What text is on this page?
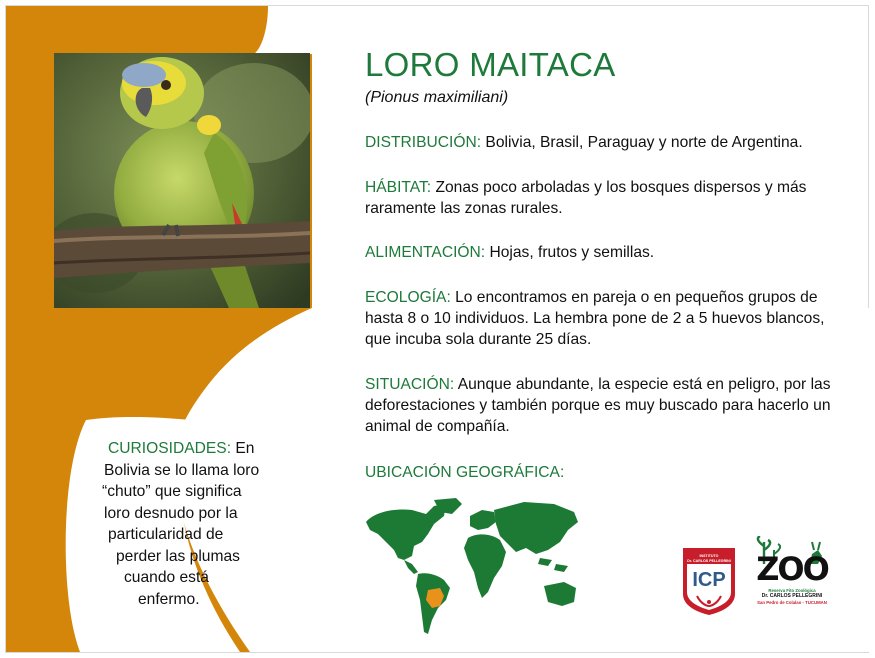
LORO MAITACA
(Pionus maximiliani)

DISTRIBUCIÓN: Bolivia, Brasil, Paraguay y norte de Argentina.

HÁBITAT: Zonas poco arboladas y los bosques dispersos y más raramente las zonas rurales.

ALIMENTACIÓN: Hojas, frutos y semillas.

ECOLOGÍA: Lo encontramos en pareja o en pequeños grupos de hasta 8 o 10 individuos. La hembra pone de 2 a 5 huevos blancos, que incuba sola durante 25 días.

SITUACIÓN: Aunque abundante, la especie está en peligro, por las deforestaciones y también porque es muy buscado para hacerlo un animal de compañía.

UBICACIÓN GEOGRÁFICA:

CURIOSIDADES: En
Bolivia se lo llama loro
“chuto” que significa
loro desnudo por la
particularidad de
perder las plumas
cuando está
enfermo.
INSTITUTO
Dr. CARLOS PELLEGRINI
ICP ZOO
Reserva Fito Zoológica
Dr. CARLOS PELLEGRINI
San Pedro de Colalao - TUCUMAN
